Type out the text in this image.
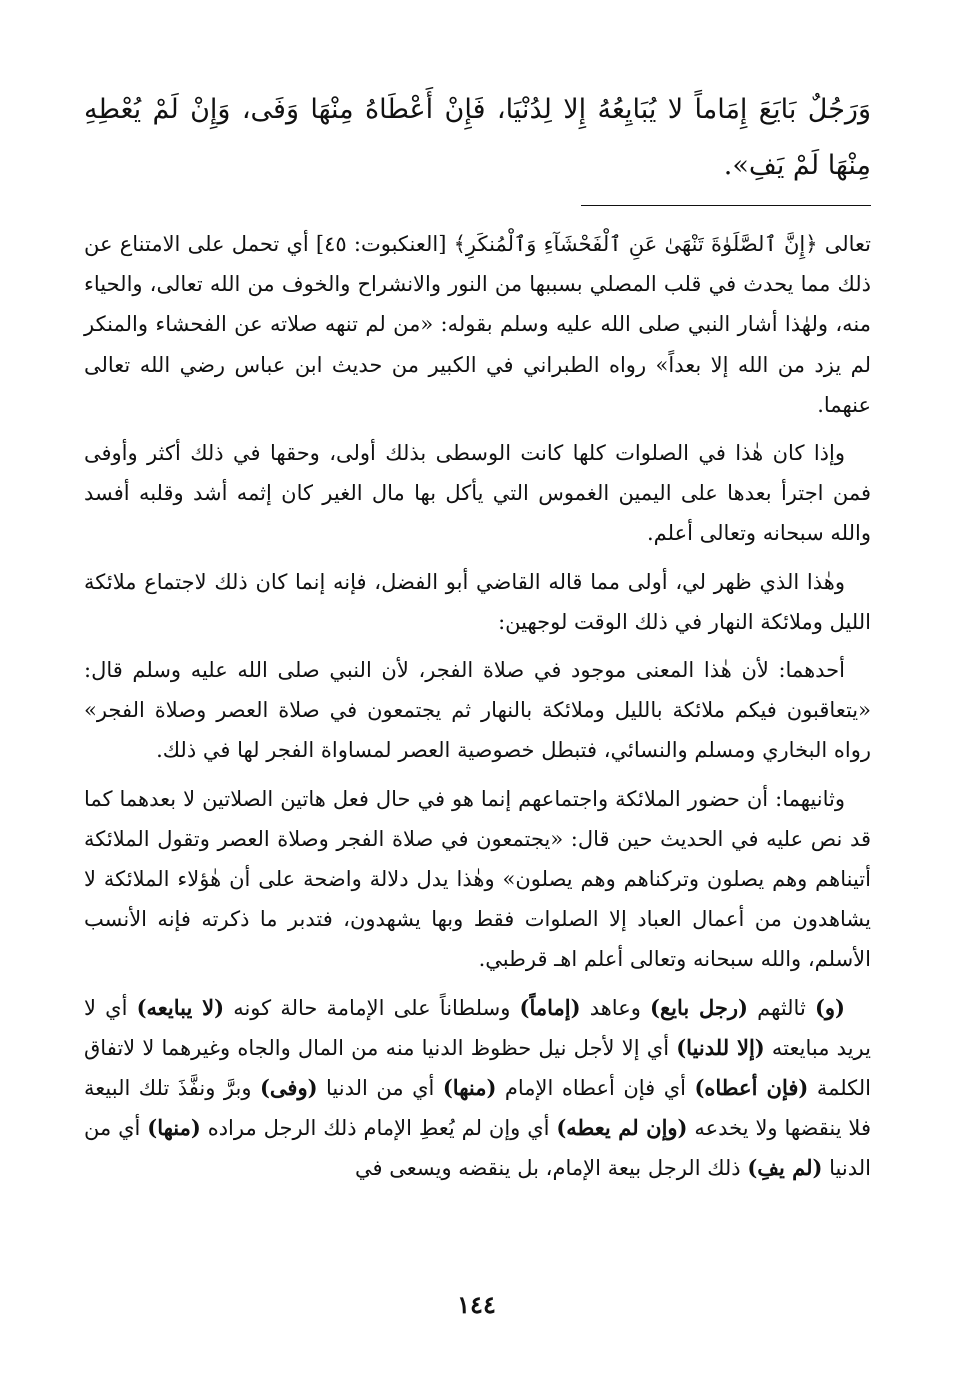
وَرَجُلٌ بَايَعَ إِمَاماً لا يُبَايِعُهُ إِلا لِدُنْيَا، فَإِنْ أَعْطَاهُ مِنْهَا وَفَى، وَإِنْ لَمْ يُعْطِهِ مِنْهَا لَمْ يَفِ».

تعالى ﴿إِنَّ ٱلصَّلَوٰةَ تَنْهَىٰ عَنِ ٱلْفَحْشَآءِ وَٱلْمُنكَرِ﴾ [العنكبوت: ٤٥] أي تحمل على الامتناع عن ذلك مما يحدث في قلب المصلي بسببها من النور والانشراح والخوف من الله تعالى، والحياء منه، ولهٰذا أشار النبي صلى الله عليه وسلم بقوله: «من لم تنهه صلاته عن الفحشاء والمنكر لم يزد من الله إلا بعداً» رواه الطبراني في الكبير من حديث ابن عباس رضي الله تعالى عنهما.

وإذا كان هٰذا في الصلوات كلها كانت الوسطى بذلك أولى، وحقها في ذلك أكثر وأوفى فمن اجترأ بعدها على اليمين الغموس التي يأكل بها مال الغير كان إثمه أشد وقلبه أفسد والله سبحانه وتعالى أعلم.

وهٰذا الذي ظهر لي، أولى مما قاله القاضي أبو الفضل، فإنه إنما كان ذلك لاجتماع ملائكة الليل وملائكة النهار في ذلك الوقت لوجهين:

أحدهما: لأن هٰذا المعنى موجود في صلاة الفجر، لأن النبي صلى الله عليه وسلم قال: «يتعاقبون فيكم ملائكة بالليل وملائكة بالنهار ثم يجتمعون في صلاة العصر وصلاة الفجر» رواه البخاري ومسلم والنسائي، فتبطل خصوصية العصر لمساواة الفجر لها في ذلك.

وثانيهما: أن حضور الملائكة واجتماعهم إنما هو في حال فعل هاتين الصلاتين لا بعدهما كما قد نص عليه في الحديث حين قال: «يجتمعون في صلاة الفجر وصلاة العصر وتقول الملائكة أتيناهم وهم يصلون وتركناهم وهم يصلون» وهٰذا يدل دلالة واضحة على أن هٰؤلاء الملائكة لا يشاهدون من أعمال العباد إلا الصلوات فقط وبها يشهدون، فتدبر ما ذكرته فإنه الأنسب الأسلم، والله سبحانه وتعالى أعلم اهـ قرطبي.

(و) ثالثهم (رجل بايع) وعاهد (إماماً) وسلطاناً على الإمامة حالة كونه (لا يبايعه) أي لا يريد مبايعته (إلا للدنيا) أي إلا لأجل نيل حظوظ الدنيا منه من المال والجاه وغيرهما لا لاتفاق الكلمة (فإن أعطاه) أي فإن أعطاه الإمام (منها) أي من الدنيا (وفى) وبرَّ ونفَّذَ تلك البيعة فلا ينقضها ولا يخدعه (وإن لم يعطه) أي وإن لم يُعطِ الإمام ذلك الرجل مراده (منها) أي من الدنيا (لم يفِ) ذلك الرجل بيعة الإمام، بل ينقضه ويسعى في

١٤٤
